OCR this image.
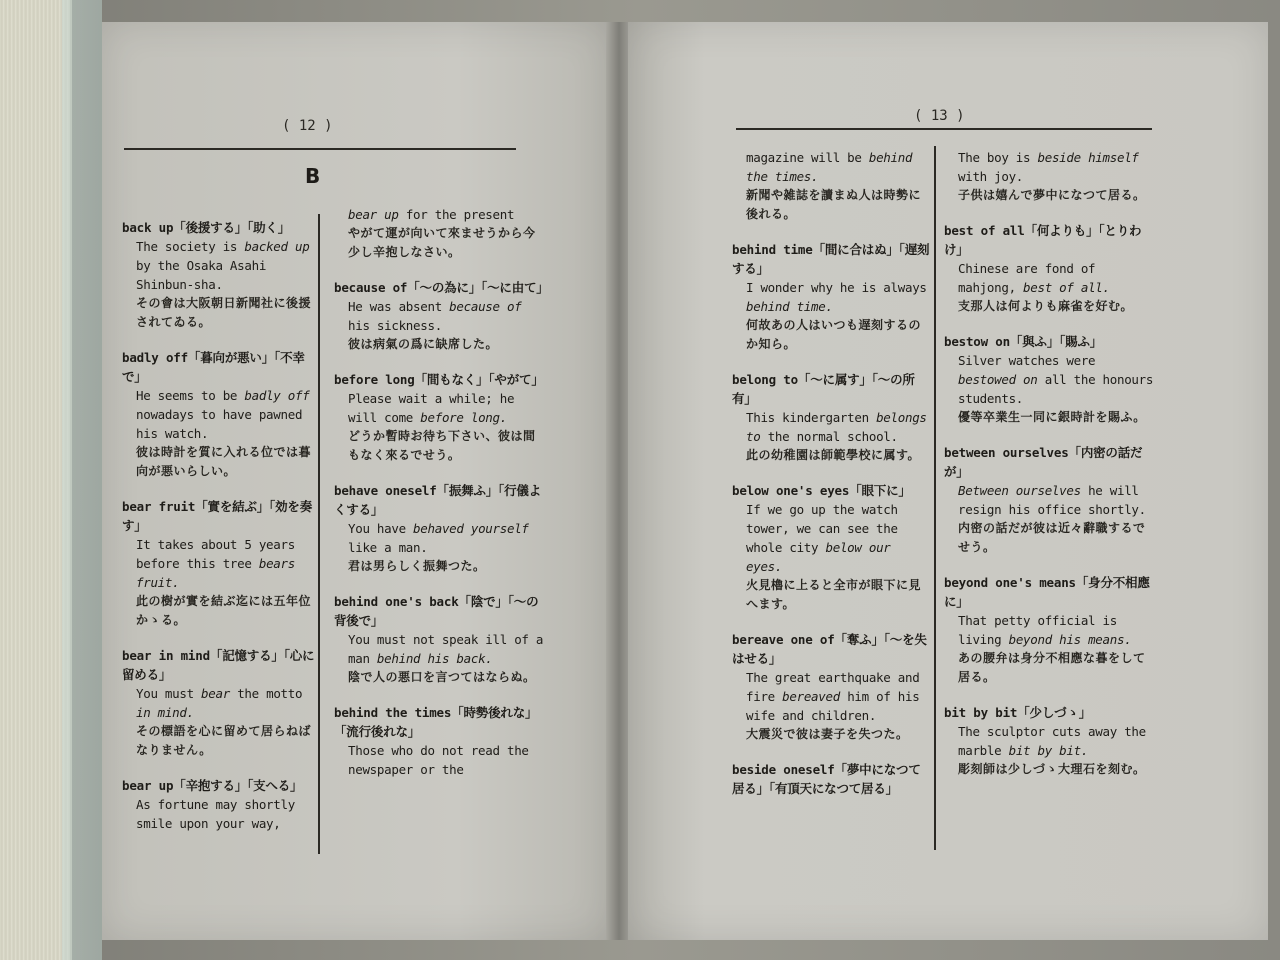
( 12 )
B
back up「後援する」「助く」
The society is backed up by the Osaka Asahi Shinbun-sha.
その會は大阪朝日新聞社に後援されてゐる。
badly off「暮向が悪い」「不幸で」
He seems to be badly off nowadays to have pawned his watch.
彼は時計を質に入れる位では暮向が悪いらしい。
bear fruit「實を結ぶ」「効を奏す」
It takes about 5 years before this tree bears fruit.
此の樹が實を結ぶ迄には五年位かゝる。
bear in mind「記憶する」「心に留める」
You must bear the motto in mind.
その標語を心に留めて居らねばなりません。
bear up「辛抱する」「支へる」
As fortune may shortly smile upon your way,
bear up for the present
やがて運が向いて來ませうから今少し辛抱しなさい。
because of「～の為に」「～に由て」
He was absent because of his sickness.
彼は病氣の爲に缺席した。
before long「間もなく」「やがて」
Please wait a while; he will come before long.
どうか暫時お待ち下さい、彼は間もなく來るでせう。
behave oneself「振舞ふ」「行儀よくする」
You have behaved yourself like a man.
君は男らしく振舞つた。
behind one's back「陰で」「～の背後で」
You must not speak ill of a man behind his back.
陰で人の悪口を言つてはならぬ。
behind the times「時勢後れな」「流行後れな」
Those who do not read the newspaper or the
( 13 )
magazine will be behind the times.
新聞や雑誌を讀まぬ人は時勢に後れる。
behind time「間に合はぬ」「遅刻する」
I wonder why he is always behind time.
何故あの人はいつも遅刻するのか知ら。
belong to「～に属す」「～の所有」
This kindergarten belongs to the normal school.
此の幼稚園は師範學校に属す。
below one's eyes「眼下に」
If we go up the watch tower, we can see the whole city below our eyes.
火見櫓に上ると全市が眼下に見へます。
bereave one of「奪ふ」「～を失はせる」
The great earthquake and fire bereaved him of his wife and children.
大震災で彼は妻子を失つた。
beside oneself「夢中になつて居る」「有頂天になつて居る」
The boy is beside himself with joy.
子供は嬉んで夢中になつて居る。
best of all「何よりも」「とりわけ」
Chinese are fond of mahjong, best of all.
支那人は何よりも麻雀を好む。
bestow on「與ふ」「賜ふ」
Silver watches were bestowed on all the honours students.
優等卒業生一同に銀時計を賜ふ。
between ourselves「内密の話だが」
Between ourselves he will resign his office shortly.
内密の話だが彼は近々辭職するでせう。
beyond one's means「身分不相應に」
That petty official is living beyond his means.
あの腰弁は身分不相應な暮をして居る。
bit by bit「少しづゝ」
The sculptor cuts away the marble bit by bit.
彫刻師は少しづゝ大理石を刻む。
